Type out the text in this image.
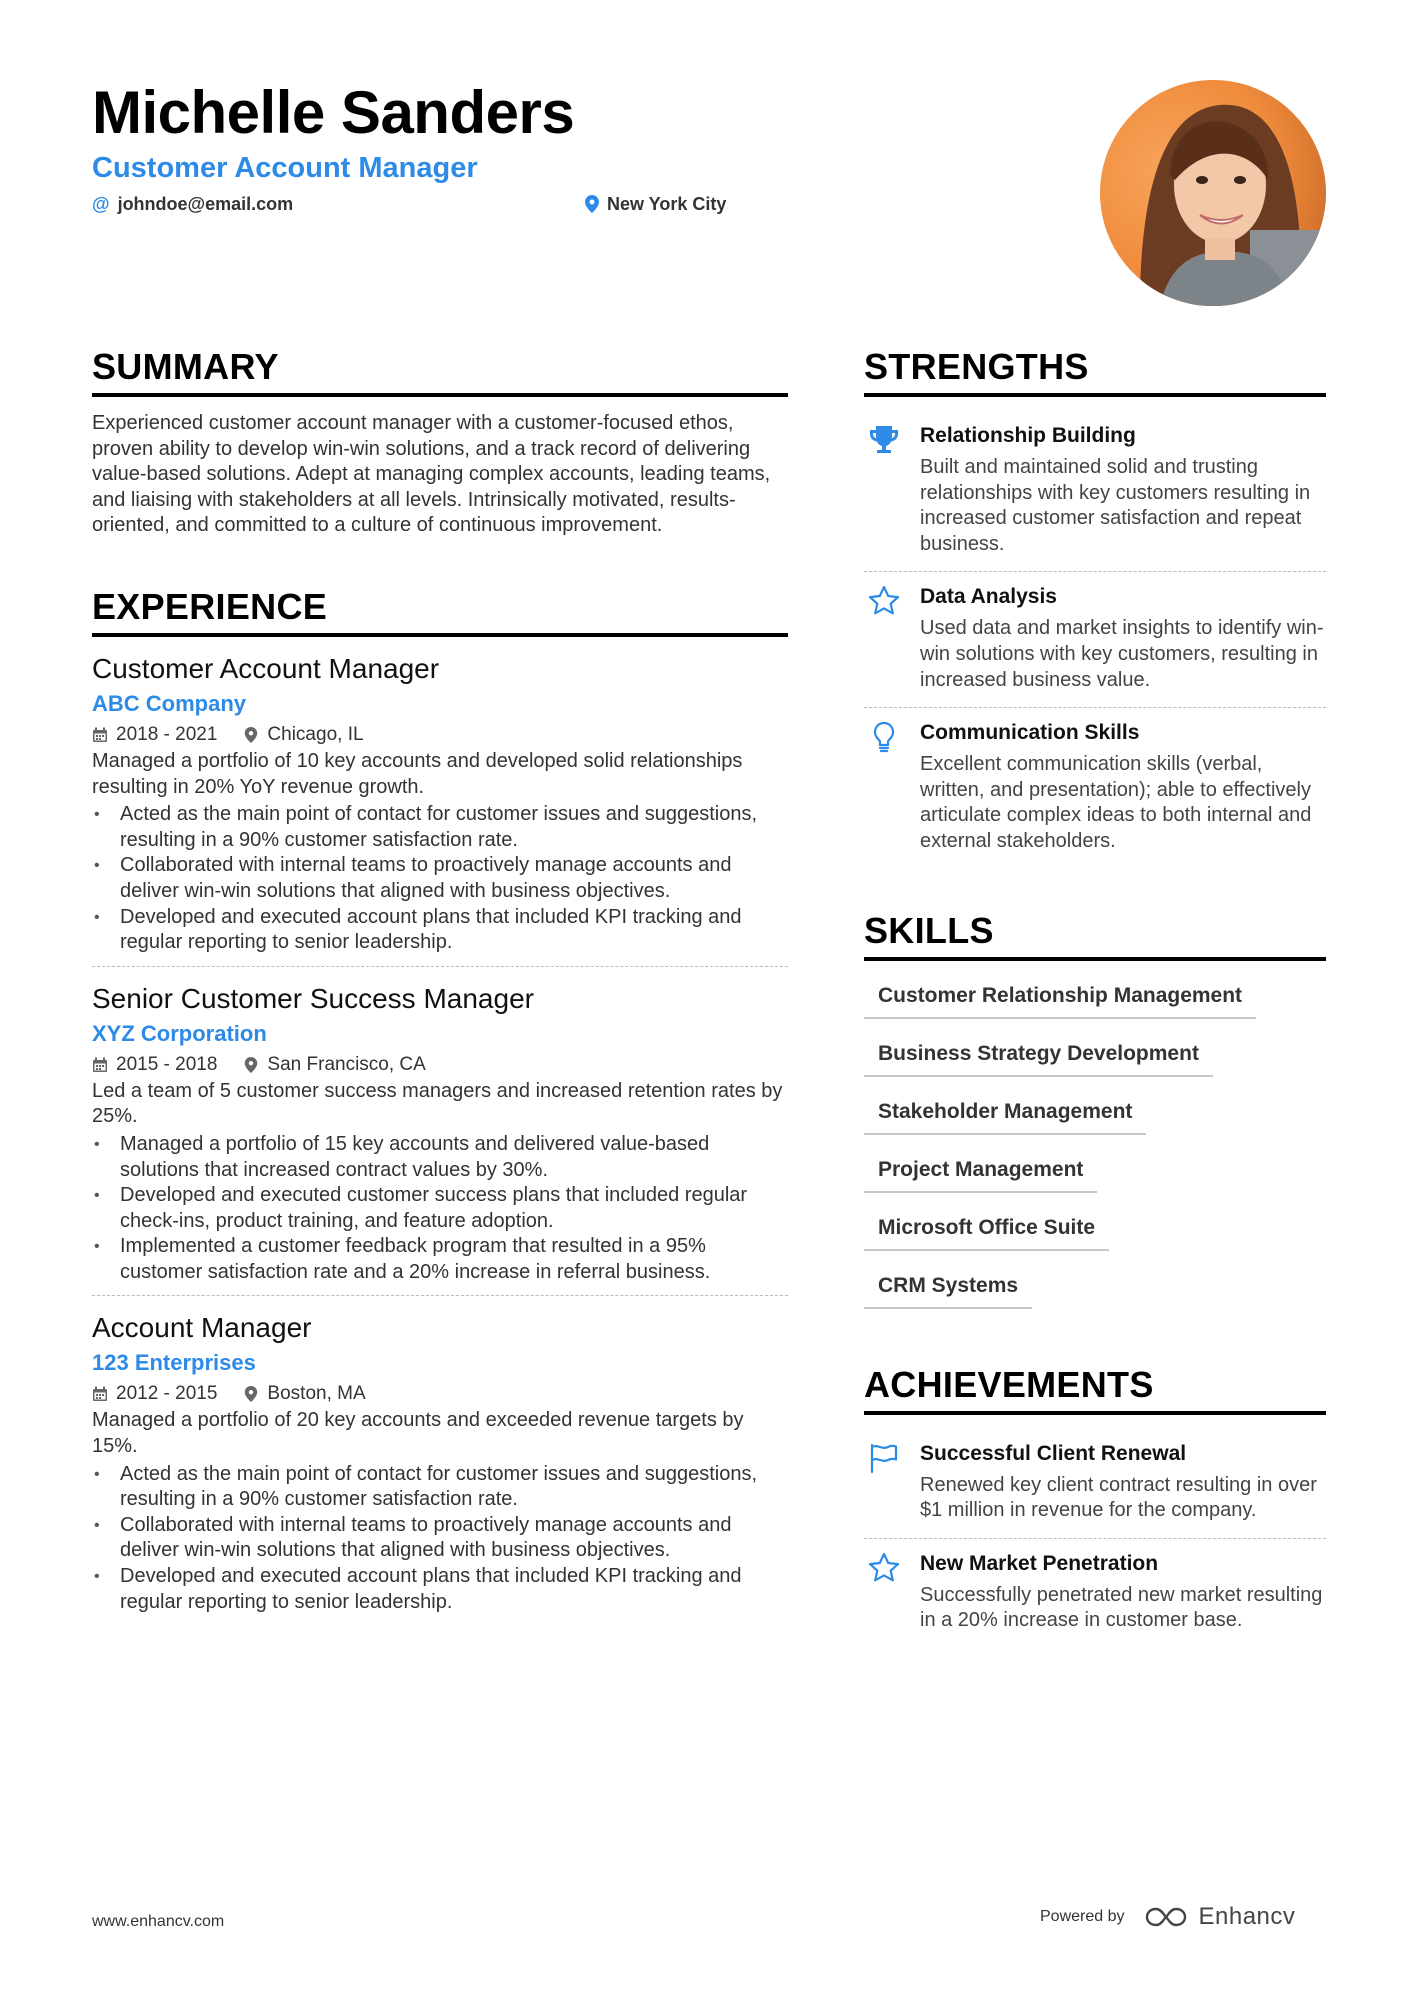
Michelle Sanders
Customer Account Manager
@ johndoe@email.com	New York City
SUMMARY
Experienced customer account manager with a customer-focused ethos, proven ability to develop win-win solutions, and a track record of delivering value-based solutions. Adept at managing complex accounts, leading teams, and liaising with stakeholders at all levels. Intrinsically motivated, results-oriented, and committed to a culture of continuous improvement.
EXPERIENCE
Customer Account Manager
ABC Company
2018 - 2021	Chicago, IL
Managed a portfolio of 10 key accounts and developed solid relationships resulting in 20% YoY revenue growth.
• Acted as the main point of contact for customer issues and suggestions, resulting in a 90% customer satisfaction rate.
• Collaborated with internal teams to proactively manage accounts and deliver win-win solutions that aligned with business objectives.
• Developed and executed account plans that included KPI tracking and regular reporting to senior leadership.
Senior Customer Success Manager
XYZ Corporation
2015 - 2018	San Francisco, CA
Led a team of 5 customer success managers and increased retention rates by 25%.
• Managed a portfolio of 15 key accounts and delivered value-based solutions that increased contract values by 30%.
• Developed and executed customer success plans that included regular check-ins, product training, and feature adoption.
• Implemented a customer feedback program that resulted in a 95% customer satisfaction rate and a 20% increase in referral business.
Account Manager
123 Enterprises
2012 - 2015	Boston, MA
Managed a portfolio of 20 key accounts and exceeded revenue targets by 15%.
• Acted as the main point of contact for customer issues and suggestions, resulting in a 90% customer satisfaction rate.
• Collaborated with internal teams to proactively manage accounts and deliver win-win solutions that aligned with business objectives.
• Developed and executed account plans that included KPI tracking and regular reporting to senior leadership.
STRENGTHS
Relationship Building
Built and maintained solid and trusting relationships with key customers resulting in increased customer satisfaction and repeat business.
Data Analysis
Used data and market insights to identify win-win solutions with key customers, resulting in increased business value.
Communication Skills
Excellent communication skills (verbal, written, and presentation); able to effectively articulate complex ideas to both internal and external stakeholders.
SKILLS
Customer Relationship Management
Business Strategy Development
Stakeholder Management
Project Management
Microsoft Office Suite
CRM Systems
ACHIEVEMENTS
Successful Client Renewal
Renewed key client contract resulting in over $1 million in revenue for the company.
New Market Penetration
Successfully penetrated new market resulting in a 20% increase in customer base.
www.enhancv.com	Powered by	Enhancv
